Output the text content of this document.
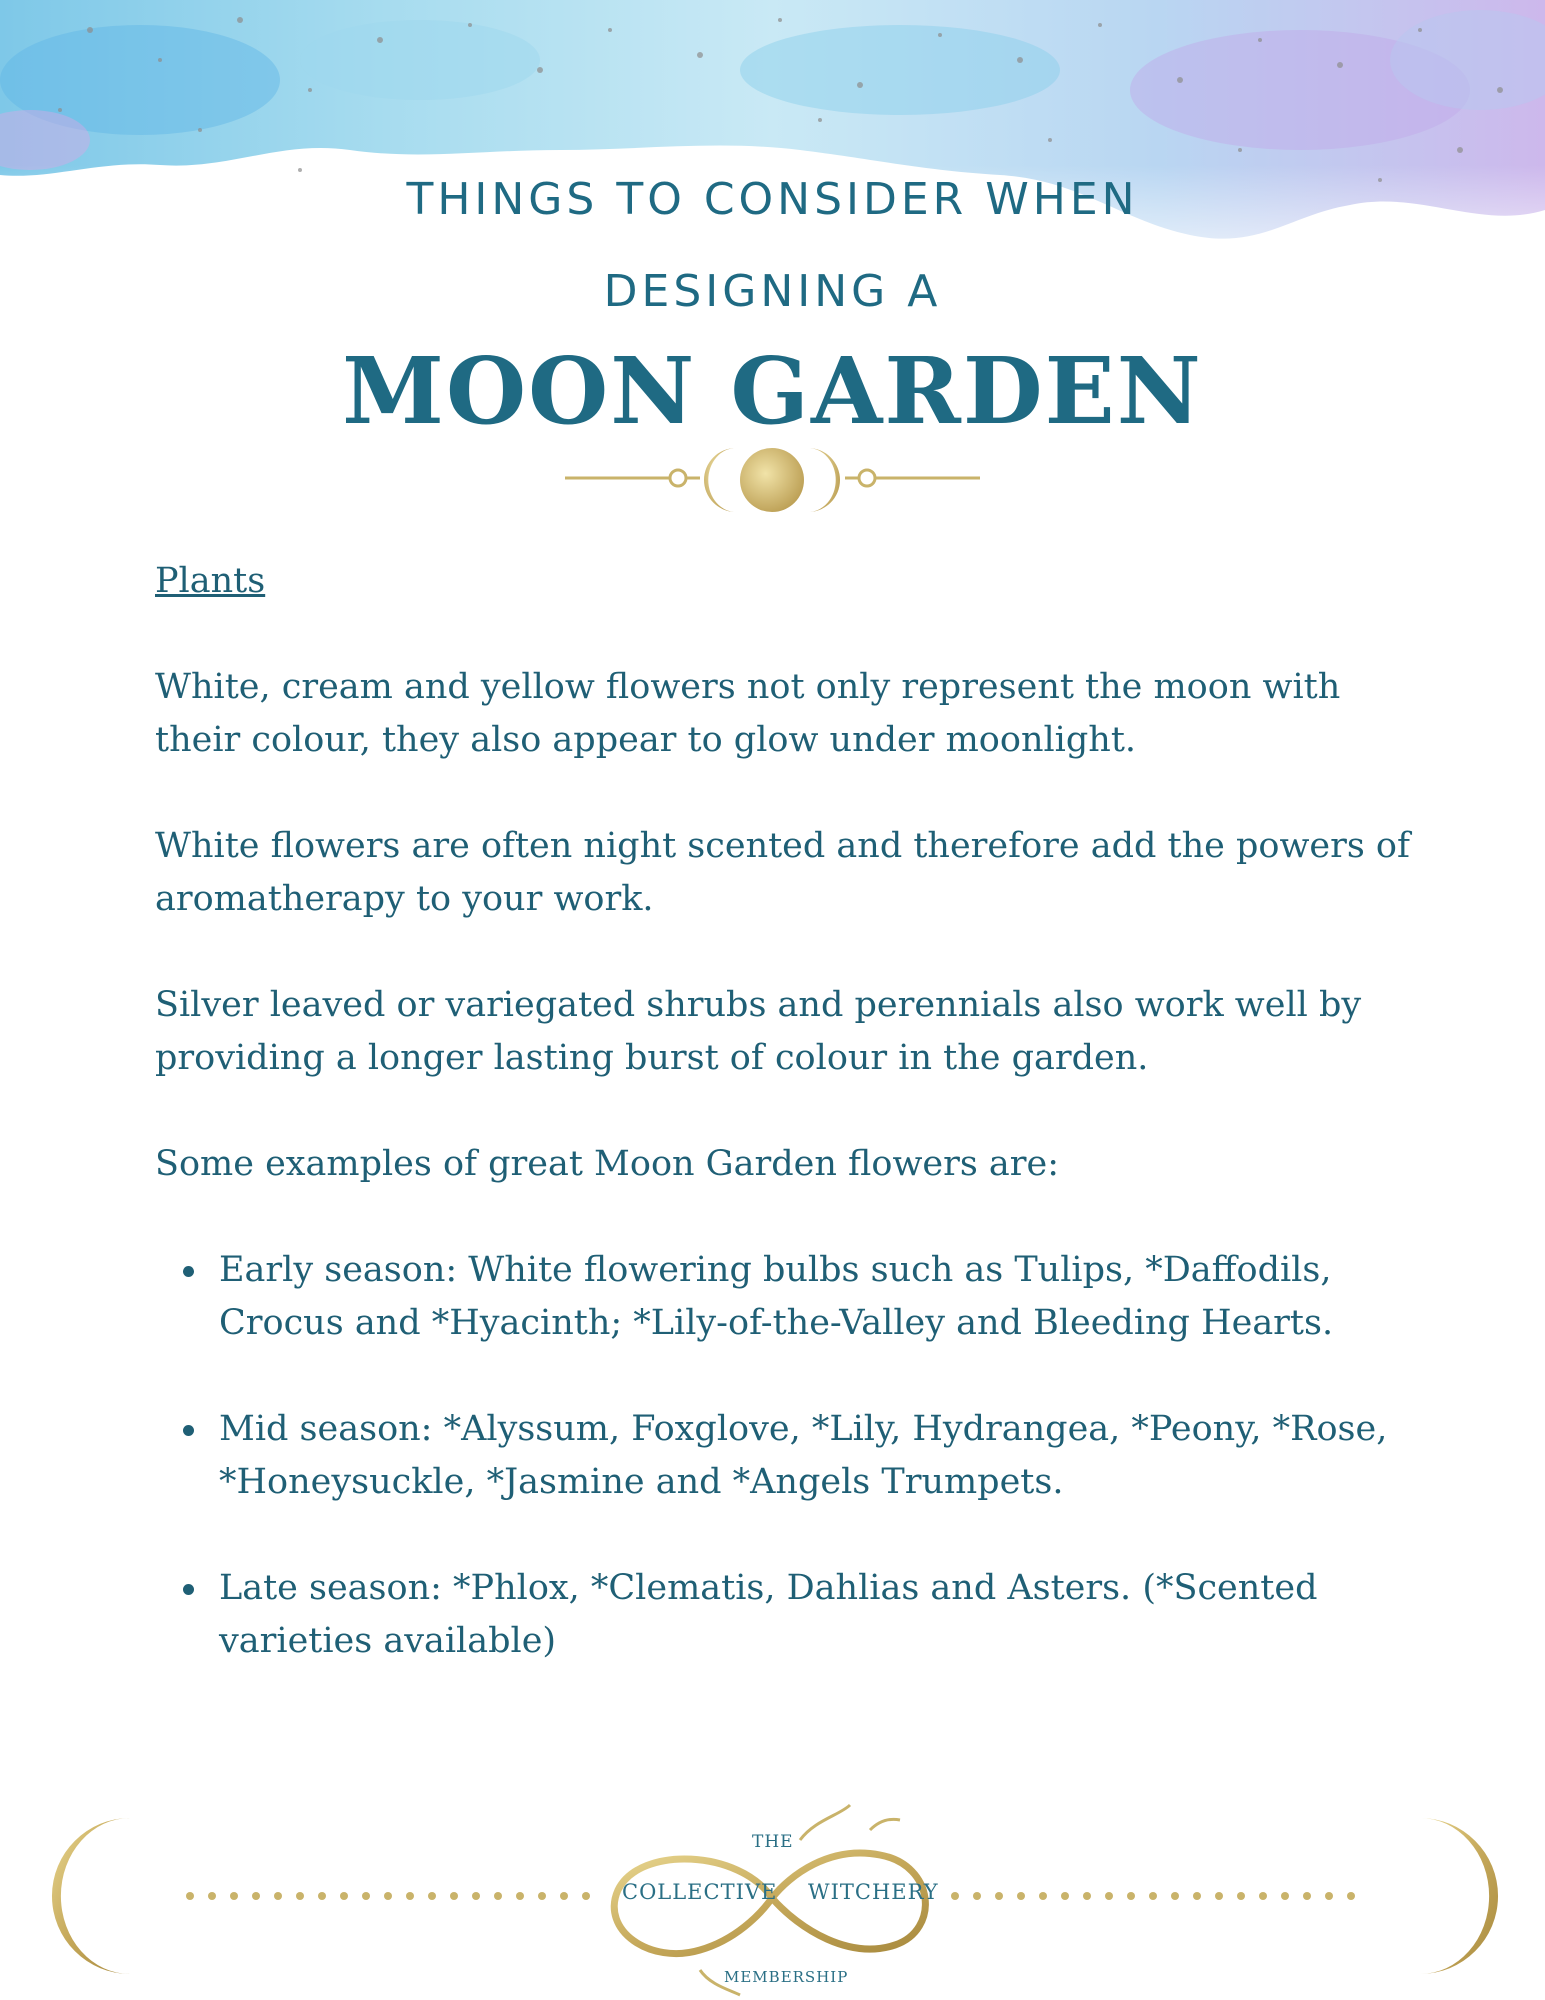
THINGS TO CONSIDER WHEN
DESIGNING A
MOON GARDEN
Plants

White, cream and yellow flowers not only represent the moon with their colour, they also appear to glow under moonlight.

White flowers are often night scented and therefore add the powers of aromatherapy to your work.

Silver leaved or variegated shrubs and perennials also work well by providing a longer lasting burst of colour in the garden.

Some examples of great Moon Garden flowers are:

Early season: White flowering bulbs such as Tulips, *Daffodils, Crocus and *Hyacinth; *Lily-of-the-Valley and Bleeding Hearts.
Mid season: *Alyssum, Foxglove, *Lily, Hydrangea, *Peony, *Rose, *Honeysuckle, *Jasmine and *Angels Trumpets.
Late season: *Phlox, *Clematis, Dahlias and Asters. (*Scented varieties available)
THE
COLLECTIVE WITCHERY
MEMBERSHIP
